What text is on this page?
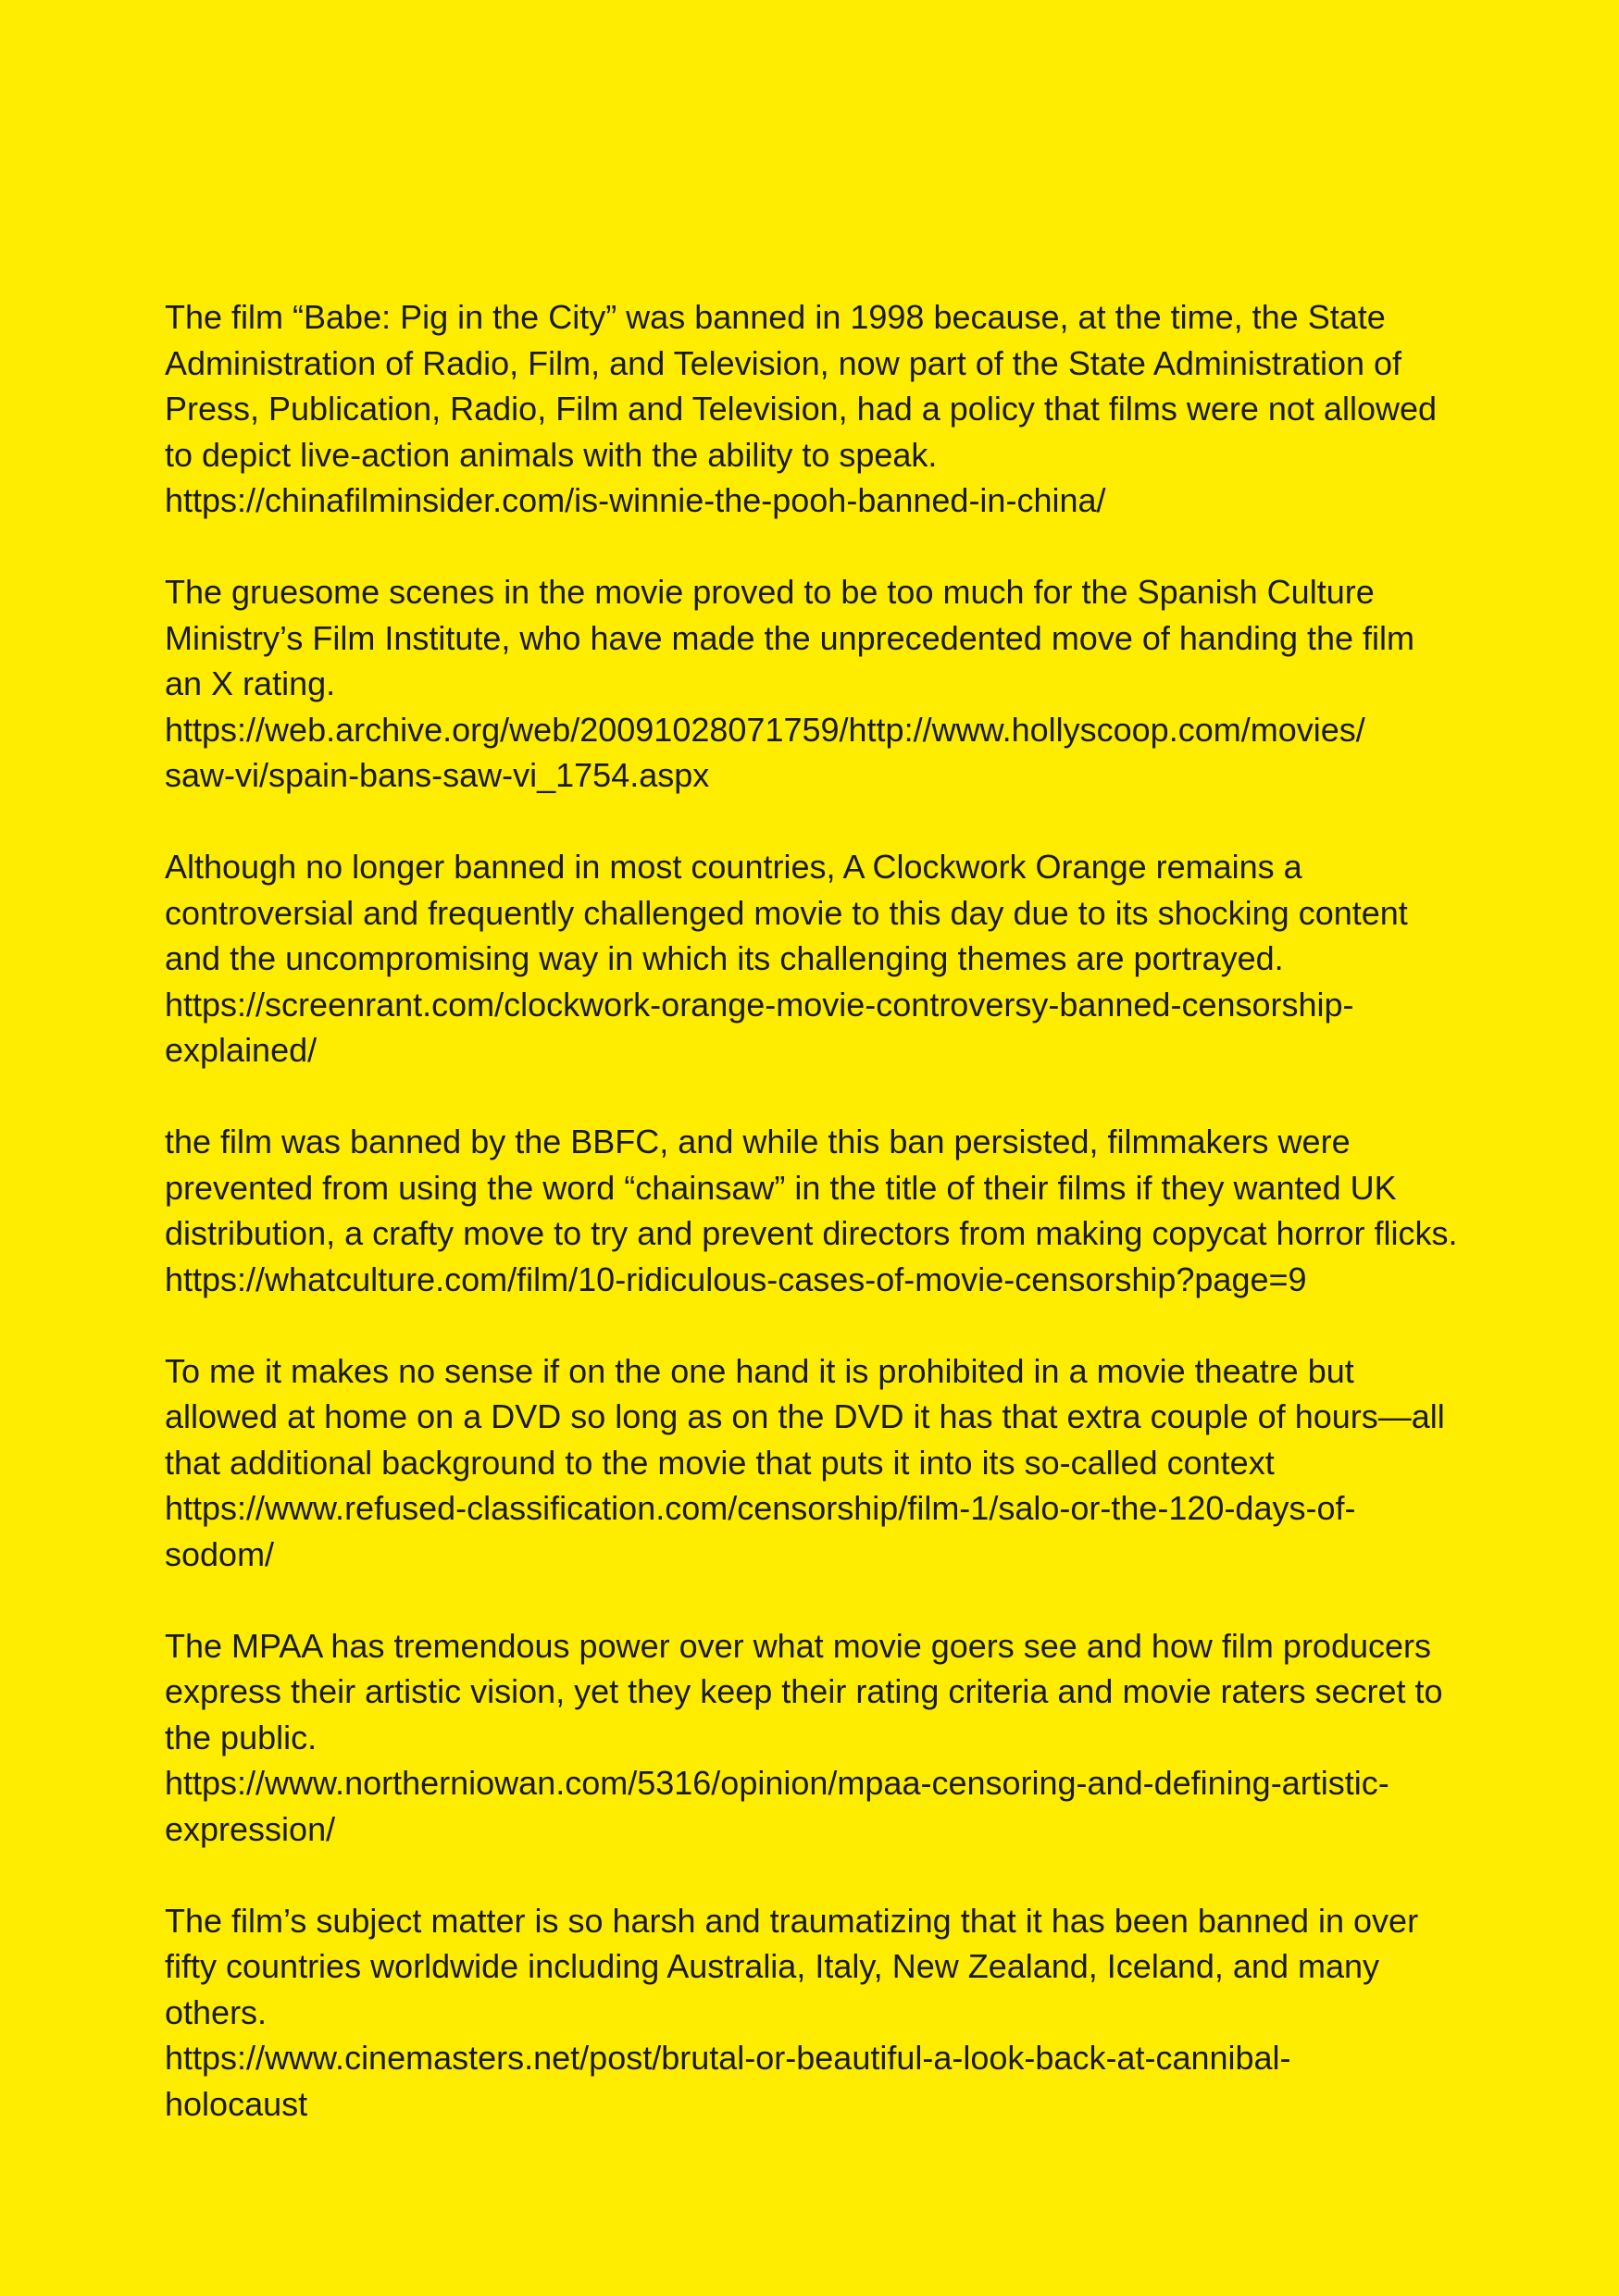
The film “Babe: Pig in the City” was banned in 1998 because, at the time, the State
Administration of Radio, Film, and Television, now part of the State Administration of
Press, Publication, Radio, Film and Television, had a policy that films were not allowed
to depict live-action animals with the ability to speak.

https://chinafilminsider.com/is-winnie-the-pooh-banned-in-china/

The gruesome scenes in the movie proved to be too much for the Spanish Culture
Ministry’s Film Institute, who have made the unprecedented move of handing the film
an X rating.

https://web.archive.org/web/20091028071759/http://www.hollyscoop.com/movies/
saw-vi/spain-bans-saw-vi_1754.aspx

Although no longer banned in most countries, A Clockwork Orange remains a
controversial and frequently challenged movie to this day due to its shocking content
and the uncompromising way in which its challenging themes are portrayed.

https://screenrant.com/clockwork-orange-movie-controversy-banned-censorship-
explained/

the film was banned by the BBFC, and while this ban persisted, filmmakers were
prevented from using the word “chainsaw” in the title of their films if they wanted UK
distribution, a crafty move to try and prevent directors from making copycat horror flicks.

https://whatculture.com/film/10-ridiculous-cases-of-movie-censorship?page=9

To me it makes no sense if on the one hand it is prohibited in a movie theatre but
allowed at home on a DVD so long as on the DVD it has that extra couple of hours—all
that additional background to the movie that puts it into its so-called context

https://www.refused-classification.com/censorship/film-1/salo-or-the-120-days-of-
sodom/

The MPAA has tremendous power over what movie goers see and how film producers
express their artistic vision, yet they keep their rating criteria and movie raters secret to
the public.

https://www.northerniowan.com/5316/opinion/mpaa-censoring-and-defining-artistic-
expression/

The film’s subject matter is so harsh and traumatizing that it has been banned in over
fifty countries worldwide including Australia, Italy, New Zealand, Iceland, and many
others.

https://www.cinemasters.net/post/brutal-or-beautiful-a-look-back-at-cannibal-
holocaust
